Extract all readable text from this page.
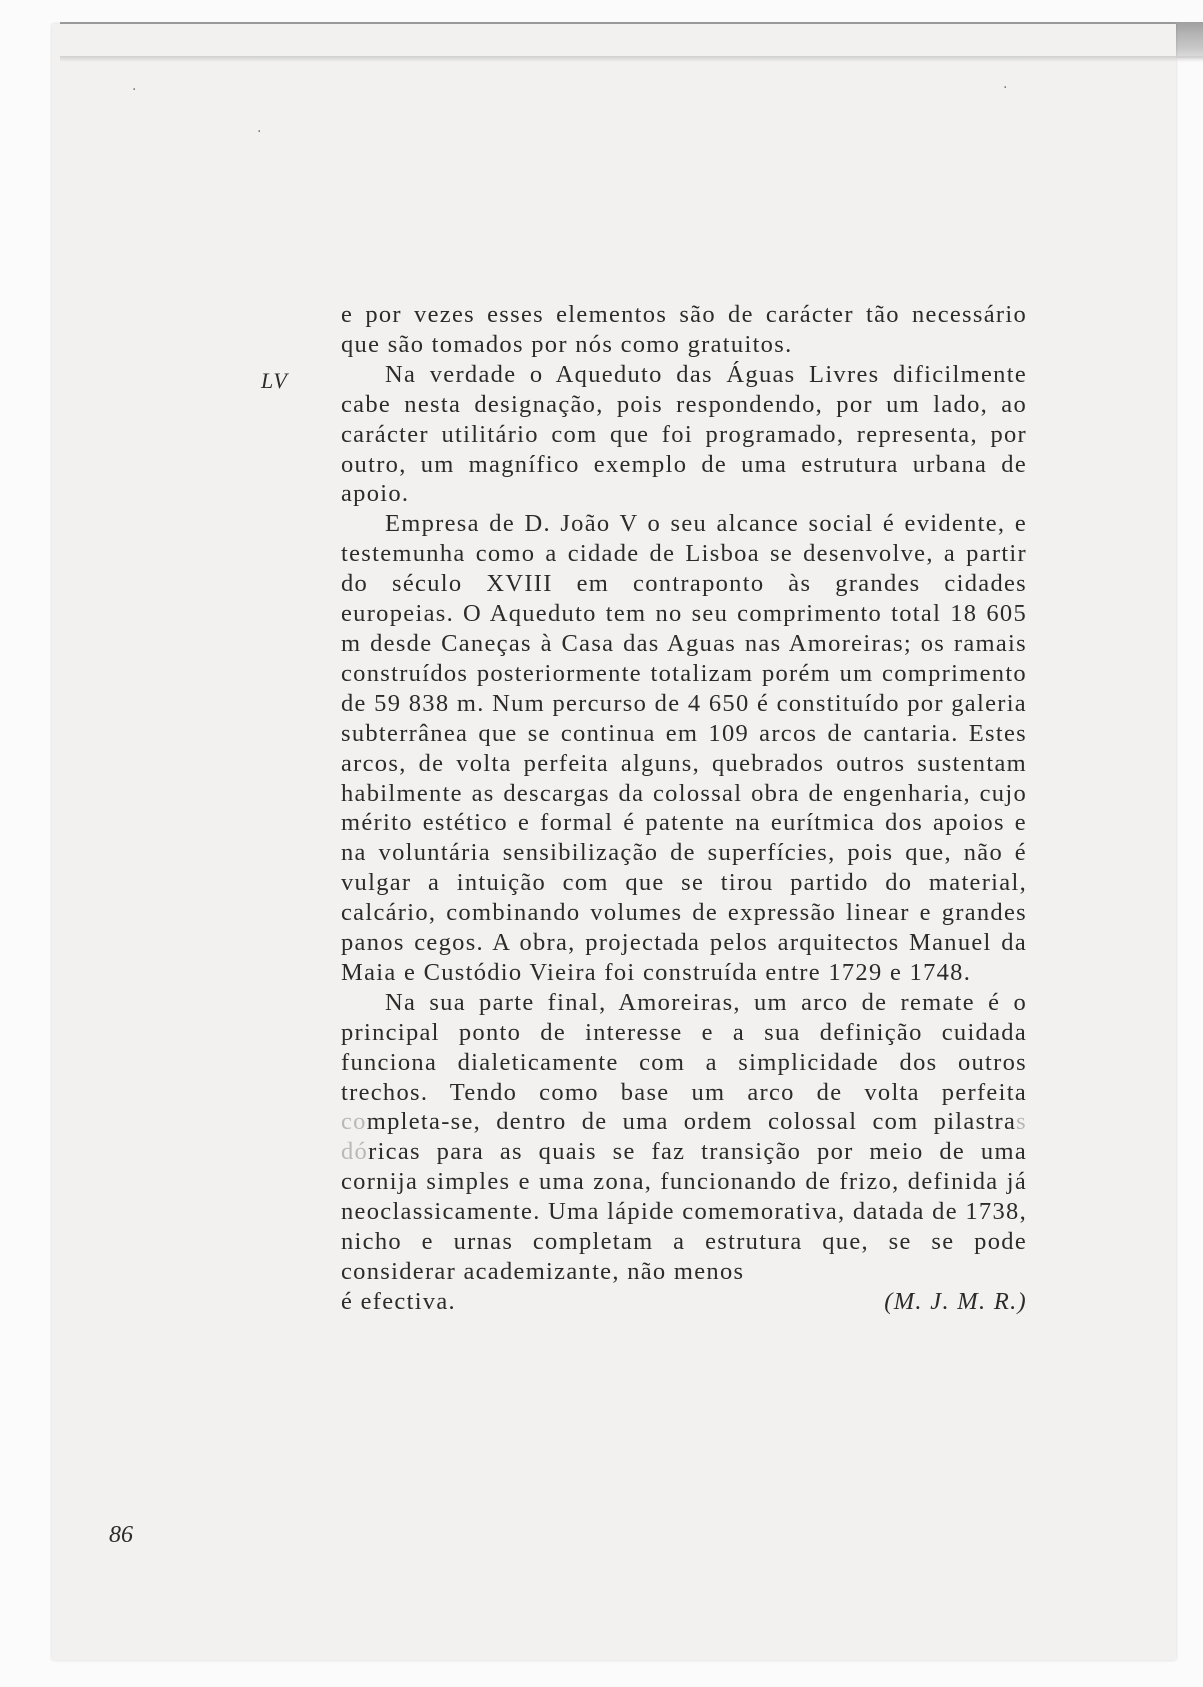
·	·
·
LV

e por vezes esses elementos são de carácter tão necessário que são tomados por nós como gratuitos.

Na verdade o Aqueduto das Águas Livres dificilmente cabe nesta designação, pois respondendo, por um lado, ao carácter utilitário com que foi programado, representa, por outro, um magnífico exemplo de uma estrutura urbana de apoio.

Empresa de D. João V o seu alcance social é evidente, e testemunha como a cidade de Lisboa se desenvolve, a partir do século XVIII em contraponto às grandes cidades europeias. O Aqueduto tem no seu comprimento total 18 605 m desde Caneças à Casa das Aguas nas Amoreiras; os ramais construídos posteriormente totalizam porém um comprimento de 59 838 m. Num percurso de 4 650 é constituído por galeria subterrânea que se continua em 109 arcos de cantaria. Estes arcos, de volta perfeita alguns, quebrados outros sustentam habilmente as descargas da colossal obra de engenharia, cujo mérito estético e formal é patente na eurítmica dos apoios e na voluntária sensibilização de superfícies, pois que, não é vulgar a intuição com que se tirou partido do material, calcário, combinando volumes de expressão linear e grandes panos cegos. A obra, projectada pelos arquitectos Manuel da Maia e Custódio Vieira foi construída entre 1729 e 1748.

Na sua parte final, Amoreiras, um arco de remate é o principal ponto de interesse e a sua definição cuidada funciona dialeticamente com a simplicidade dos outros trechos. Tendo como base um arco de volta perfeita completa-se, dentro de uma ordem colossal com pilastras dóricas para as quais se faz transição por meio de uma cornija simples e uma zona, funcionando de frizo, definida já neoclassicamente. Uma lápide comemorativa, datada de 1738, nicho e urnas completam a estrutura que, se se pode considerar academizante, não menos

é efectiva.	(M. J. M. R.)

86
